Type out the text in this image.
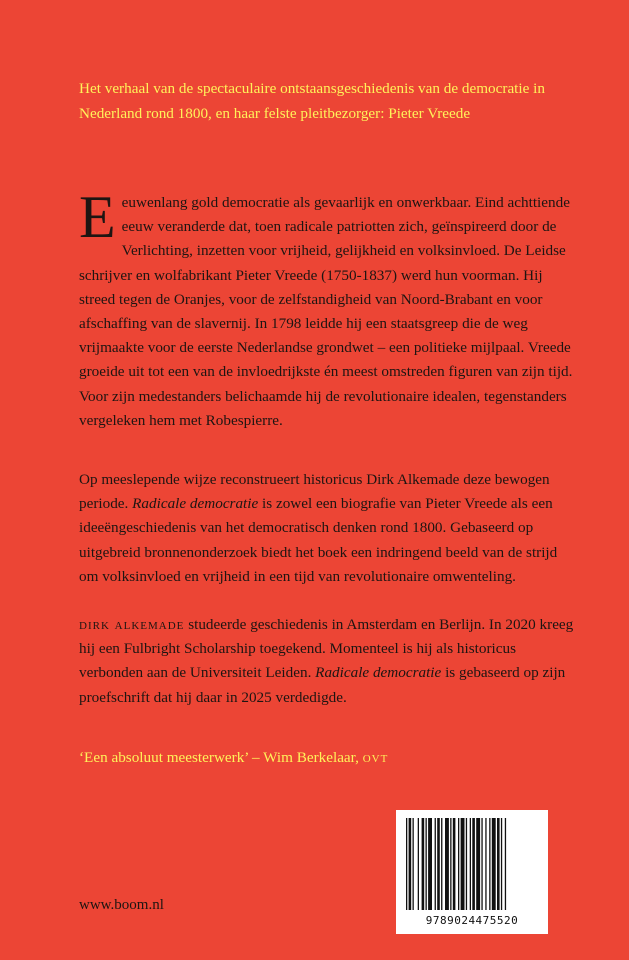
Het verhaal van de spectaculaire ontstaansgeschiedenis van de democratie in Nederland rond 1800, en haar felste pleitbezorger: Pieter Vreede

Eeuwenlang gold democratie als gevaarlijk en onwerkbaar. Eind achttiende eeuw veranderde dat, toen radicale patriotten zich, geïnspireerd door de Verlichting, inzetten voor vrijheid, gelijkheid en volksinvloed. De Leidse schrijver en wolfabrikant Pieter Vreede (1750-1837) werd hun voorman. Hij streed tegen de Oranjes, voor de zelfstandigheid van Noord-Brabant en voor afschaffing van de slavernij. In 1798 leidde hij een staatsgreep die de weg vrijmaakte voor de eerste Nederlandse grondwet – een politieke mijlpaal. Vreede groeide uit tot een van de invloedrijkste én meest omstreden figuren van zijn tijd. Voor zijn medestanders belichaamde hij de revolutionaire idealen, tegenstanders vergeleken hem met Robespierre.

Op meeslepende wijze reconstrueert historicus Dirk Alkemade deze bewogen periode. Radicale democratie is zowel een biografie van Pieter Vreede als een ideeëngeschiedenis van het democratisch denken rond 1800. Gebaseerd op uitgebreid bronnenonderzoek biedt het boek een indringend beeld van de strijd om volksinvloed en vrijheid in een tijd van revolutionaire omwenteling.

dirk alkemade studeerde geschiedenis in Amsterdam en Berlijn. In 2020 kreeg hij een Fulbright Scholarship toegekend. Momenteel is hij als historicus verbonden aan de Universiteit Leiden. Radicale democratie is gebaseerd op zijn proefschrift dat hij daar in 2025 verdedigde.

‘Een absoluut meesterwerk’ – Wim Berkelaar, ovt
9789024475520
www.boom.nl
